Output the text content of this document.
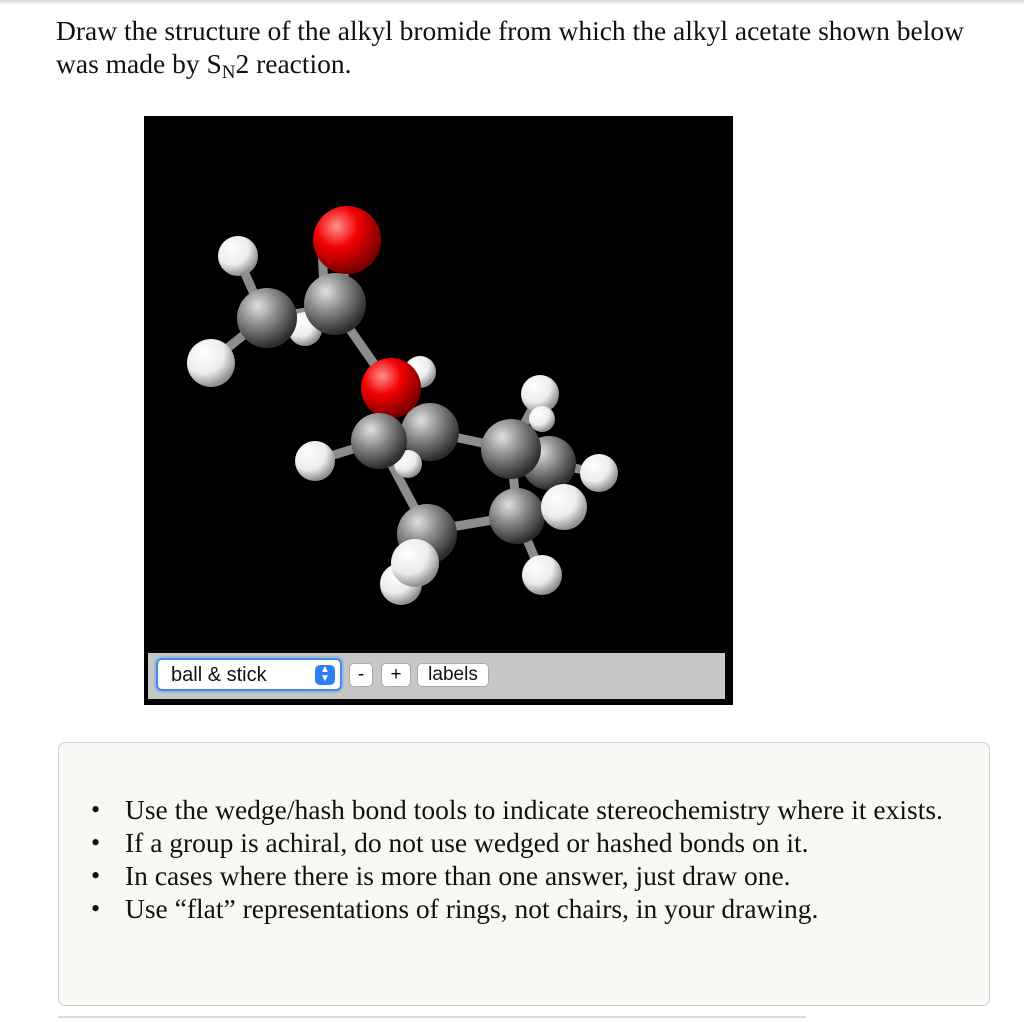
Draw the structure of the alkyl bromide from which the alkyl acetate shown below was made by SN2 reaction.

ball & stick	▲
▼	-	+	labels
• Use the wedge/hash bond tools to indicate stereochemistry where it exists.
• If a group is achiral, do not use wedged or hashed bonds on it.
• In cases where there is more than one answer, just draw one.
• Use “flat” representations of rings, not chairs, in your drawing.
